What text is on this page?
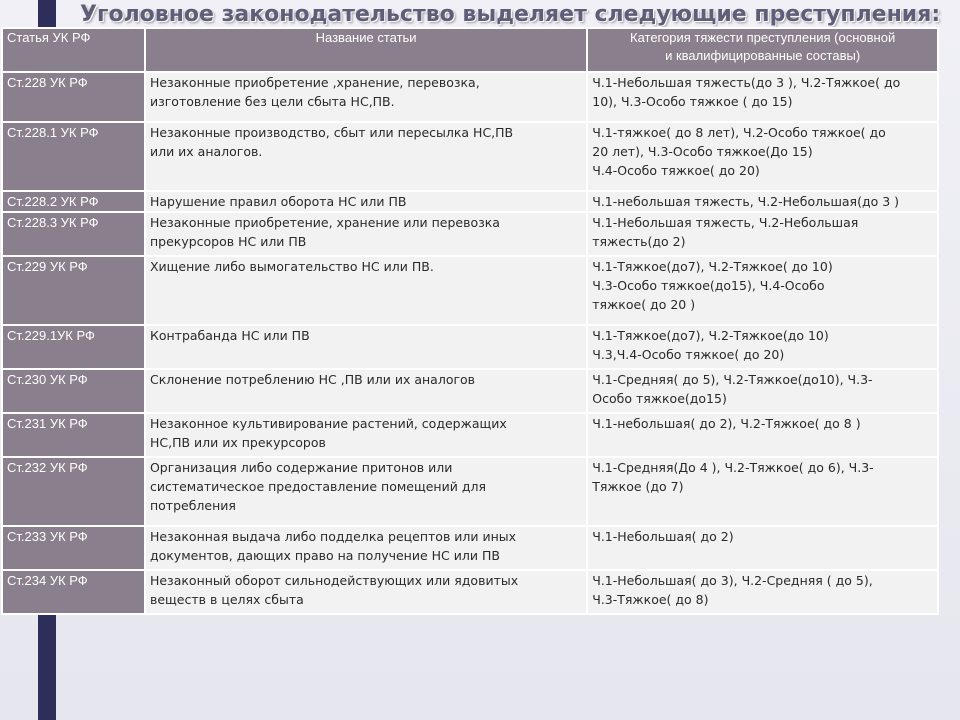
Уголовное законодательство выделяет следующие преступления:
Статья УК РФ	Название статьи	Категория тяжести преступления (основной
и квалифицированные составы)

Ст.228 УК РФ	Незаконные приобретение ,хранение, перевозка,
изготовление без цели сбыта НС,ПВ.	Ч.1-Небольшая тяжесть(до 3 ), Ч.2-Тяжкое( до
10), Ч.3-Особо тяжкое ( до 15)

Ст.228.1 УК РФ	Незаконные производство, сбыт или пересылка НС,ПВ
или их аналогов.	Ч.1-тяжкое( до 8 лет), Ч.2-Особо тяжкое( до
20 лет), Ч.3-Особо тяжкое(До 15)
Ч.4-Особо тяжкое( до 20)

Ст.228.2 УК РФ	Нарушение правил оборота НС или ПВ	Ч.1-небольшая тяжесть, Ч.2-Небольшая(до 3 )

Ст.228.3 УК РФ	Незаконные приобретение, хранение или перевозка
прекурсоров НС или ПВ	Ч.1-Небольшая тяжесть, Ч.2-Небольшая
тяжесть(до 2)

Ст.229 УК РФ	Хищение либо вымогательство НС или ПВ.	Ч.1-Тяжкое(до7), Ч.2-Тяжкое( до 10)
Ч.3-Особо тяжкое(до15), Ч.4-Особо
тяжкое( до 20 )

Ст.229.1УК РФ	Контрабанда НС или ПВ	Ч.1-Тяжкое(до7), Ч.2-Тяжкое(до 10)
Ч.3,Ч.4-Особо тяжкое( до 20)

Ст.230 УК РФ	Склонение потреблению НС ,ПВ или их аналогов	Ч.1-Средняя( до 5), Ч.2-Тяжкое(до10), Ч.3-
Особо тяжкое(до15)

Ст.231 УК РФ	Незаконное культивирование растений, содержащих
НС,ПВ или их прекурсоров	Ч.1-небольшая( до 2), Ч.2-Тяжкое( до 8 )

Ст.232 УК РФ	Организация либо содержание притонов или
систематическое предоставление помещений для
потребления	Ч.1-Средняя(До 4 ), Ч.2-Тяжкое( до 6), Ч.3-
Тяжкое (до 7)

Ст.233 УК РФ	Незаконная выдача либо подделка рецептов или иных
документов, дающих право на получение НС или ПВ	Ч.1-Небольшая( до 2)

Ст.234 УК РФ	Незаконный оборот сильнодействующих или ядовитых
веществ в целях сбыта	Ч.1-Небольшая( до 3), Ч.2-Средняя ( до 5),
Ч.3-Тяжкое( до 8)
